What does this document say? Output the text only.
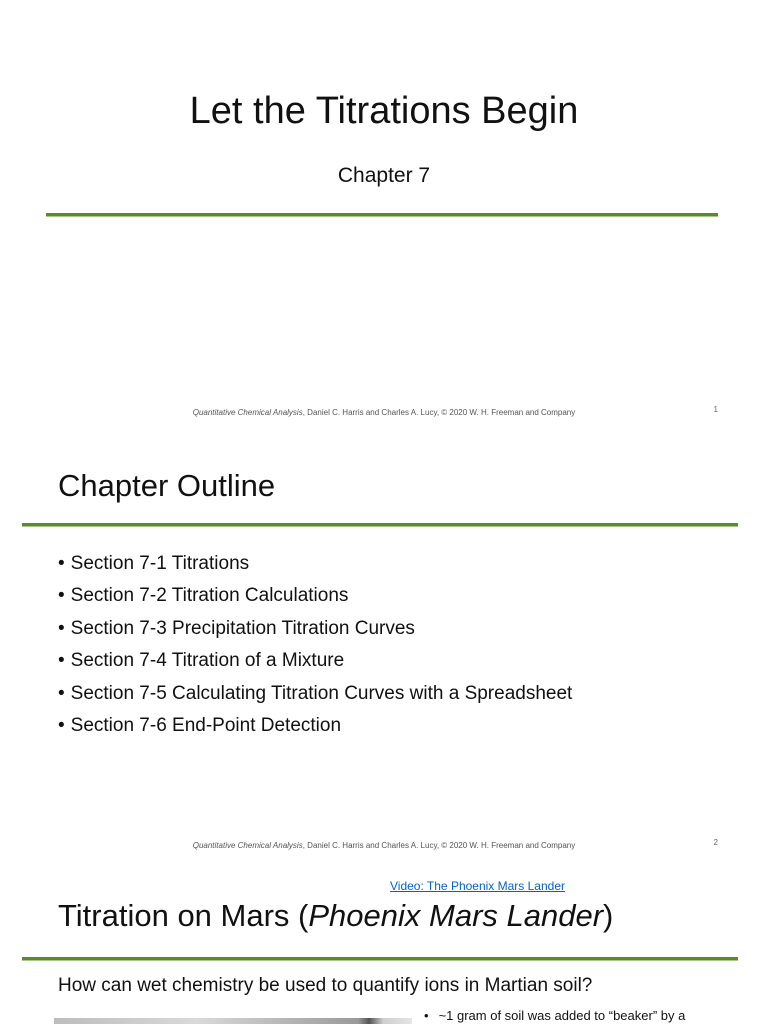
Let the Titrations Begin
Chapter 7
Quantitative Chemical Analysis, Daniel C. Harris and Charles A. Lucy, © 2020 W. H. Freeman and Company	1
Chapter Outline
• Section 7-1 Titrations
• Section 7-2 Titration Calculations
• Section 7-3 Precipitation Titration Curves
• Section 7-4 Titration of a Mixture
• Section 7-5 Calculating Titration Curves with a Spreadsheet
• Section 7-6 End-Point Detection
Quantitative Chemical Analysis, Daniel C. Harris and Charles A. Lucy, © 2020 W. H. Freeman and Company	2
Video: The Phoenix Mars Lander
Titration on Mars (Phoenix Mars Lander)
How can wet chemistry be used to quantify ions in Martian soil?
• ~1 gram of soil was added to “beaker” by a
